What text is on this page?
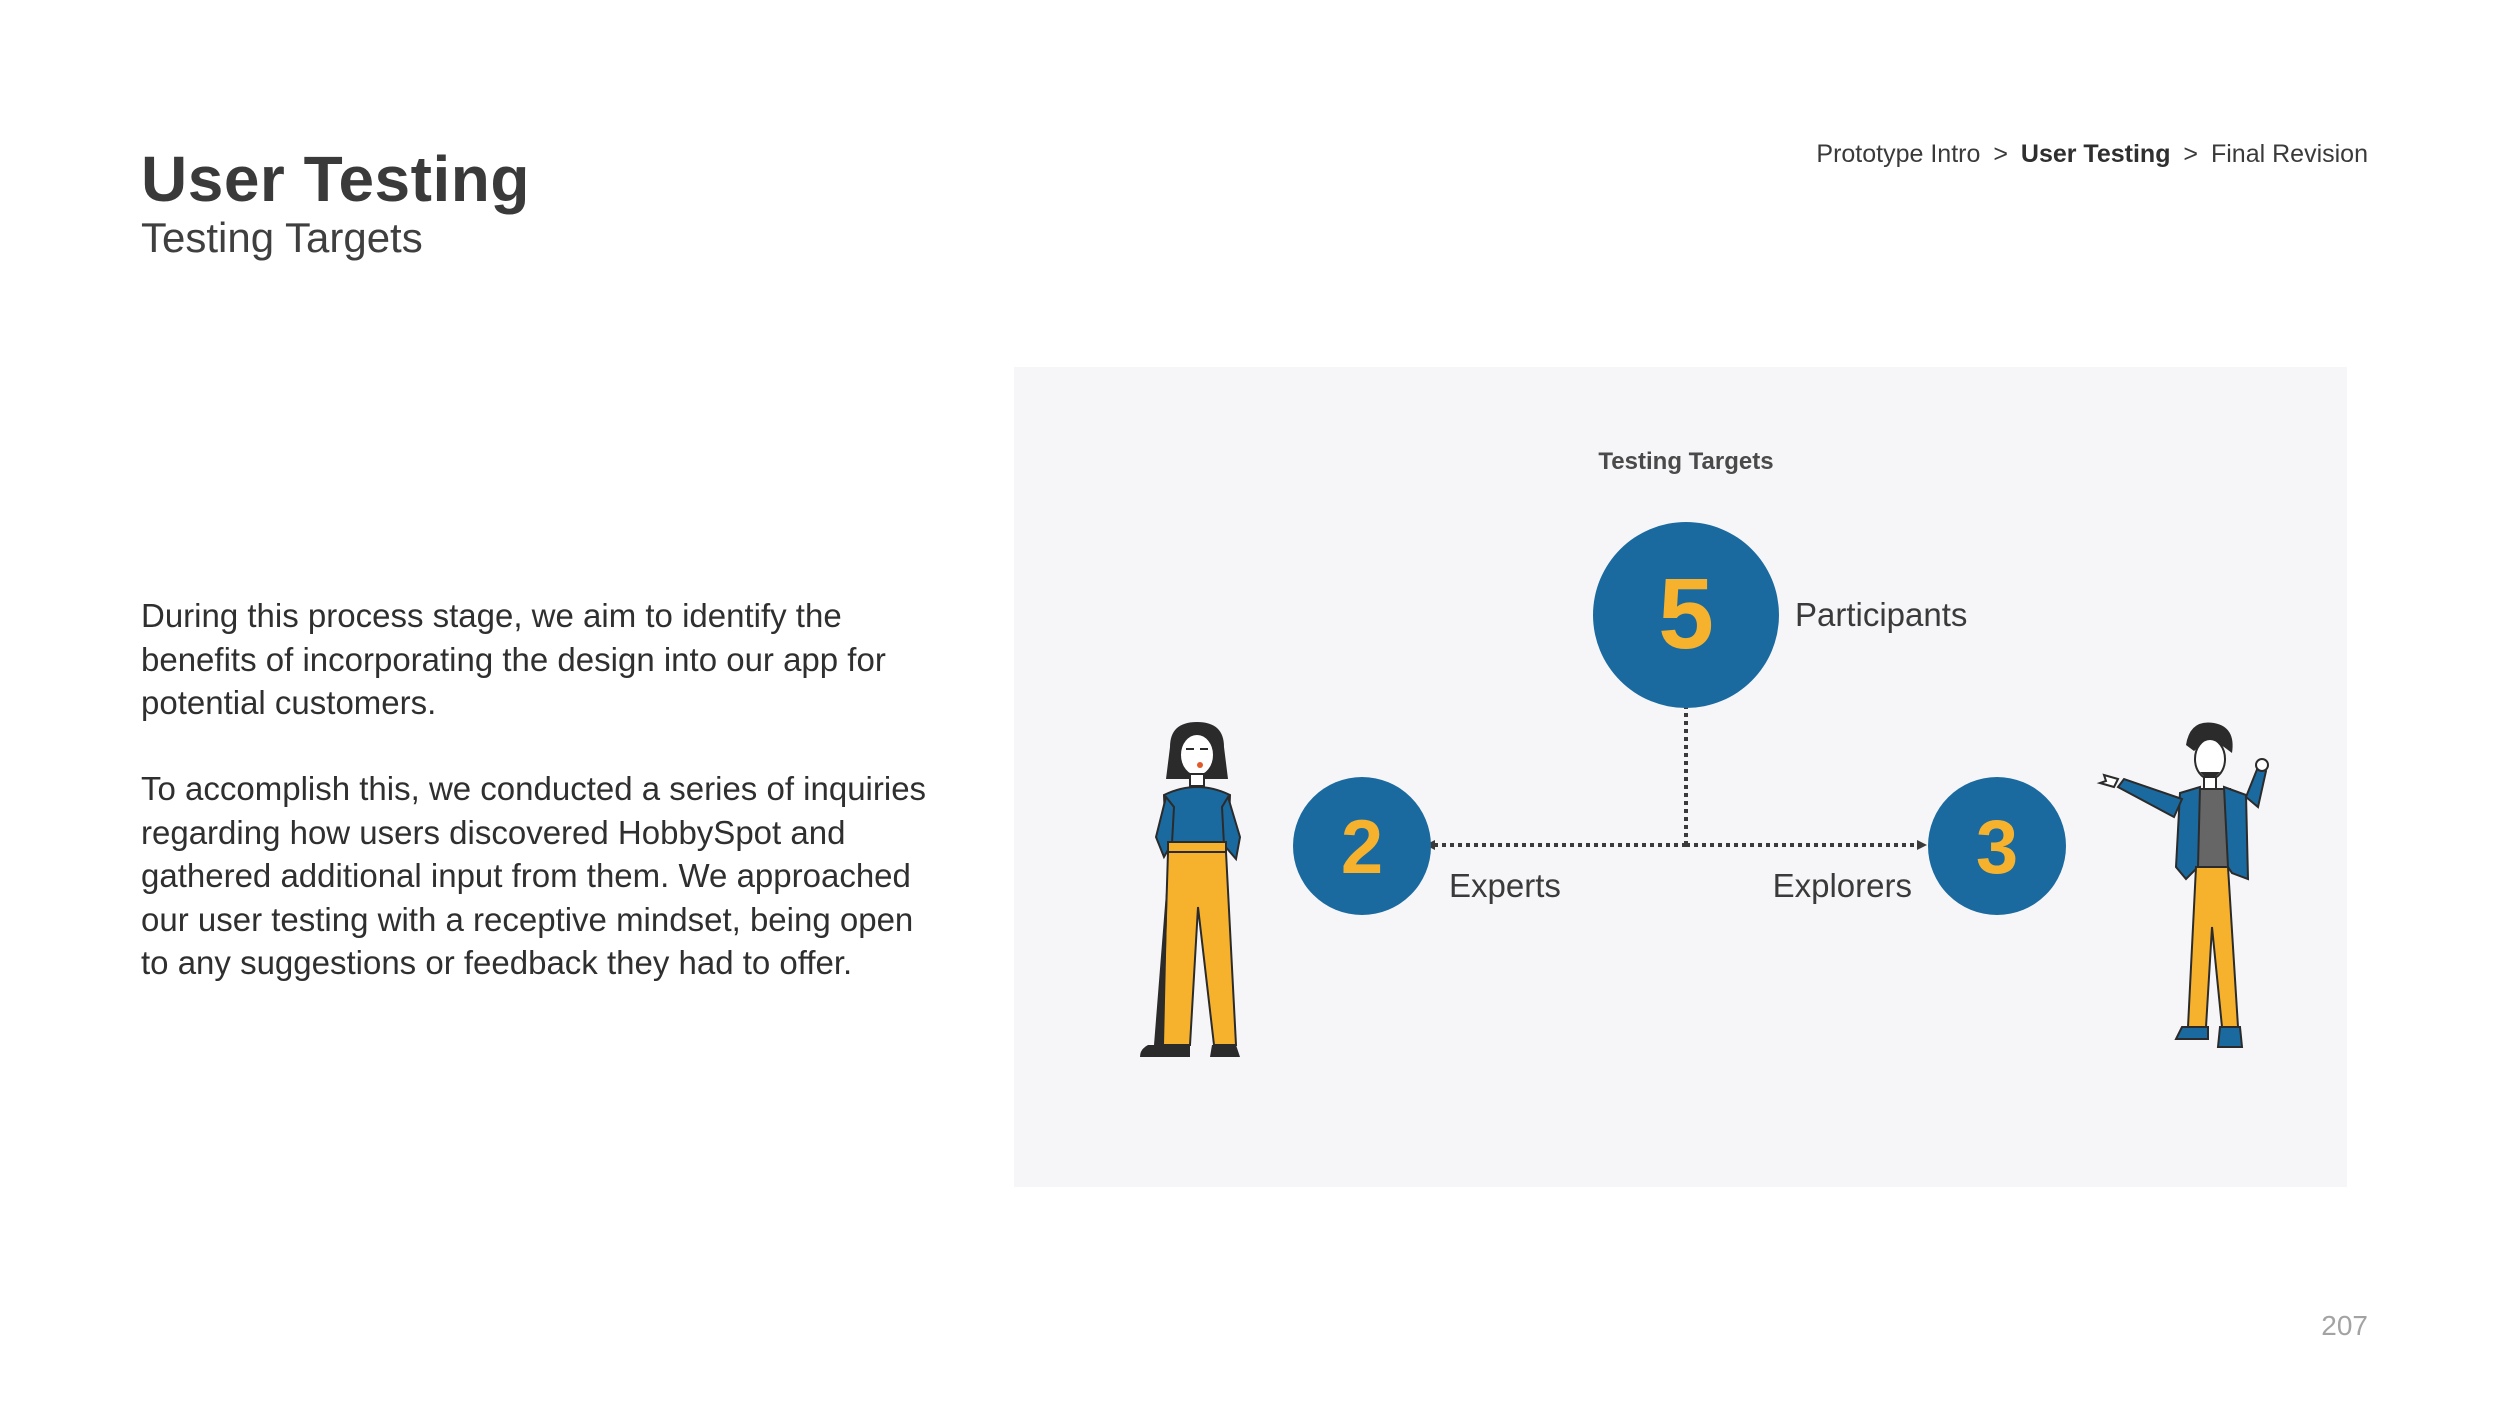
User Testing
Testing Targets
Prototype Intro > User Testing > Final Revision
During this process stage, we aim to identify the benefits of incorporating the design into our app for potential customers.
To accomplish this, we conducted a series of inquiries regarding how users discovered HobbySpot and gathered additional input from them. We approached our user testing with a receptive mindset, being open to any suggestions or feedback they had to offer.
Testing Targets
5 Participants
2 Experts	3
Explorers
207
